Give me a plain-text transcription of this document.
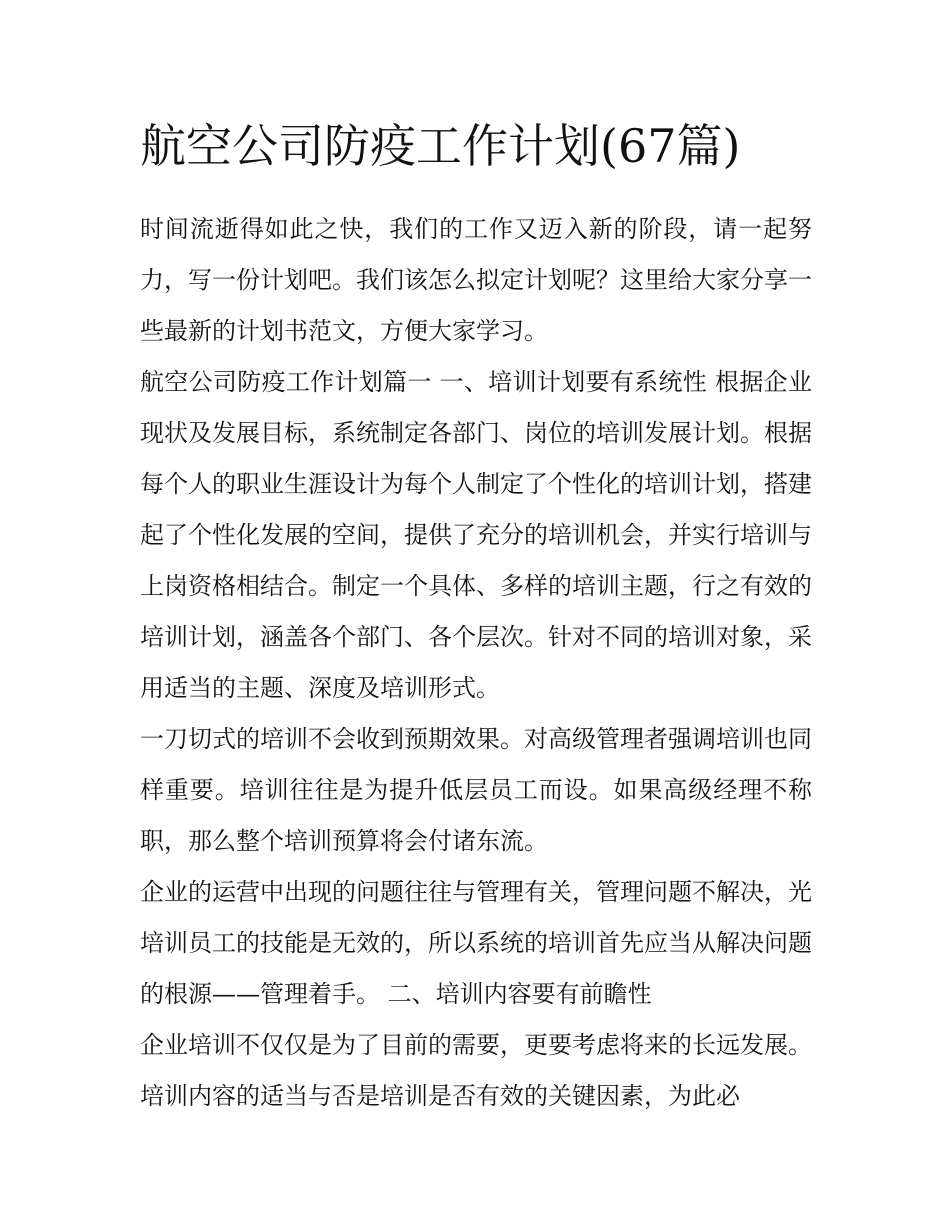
航空公司防疫工作计划(67篇)

时间流逝得如此之快，我们的工作又迈入新的阶段，请一起努力，写一份计划吧。我们该怎么拟定计划呢？这里给大家分享一些最新的计划书范文，方便大家学习。

航空公司防疫工作计划篇一 一、培训计划要有系统性 根据企业现状及发展目标，系统制定各部门、岗位的培训发展计划。根据每个人的职业生涯设计为每个人制定了个性化的培训计划，搭建起了个性化发展的空间，提供了充分的培训机会，并实行培训与上岗资格相结合。制定一个具体、多样的培训主题，行之有效的培训计划，涵盖各个部门、各个层次。针对不同的培训对象，采用适当的主题、深度及培训形式。

一刀切式的培训不会收到预期效果。对高级管理者强调培训也同样重要。培训往往是为提升低层员工而设。如果高级经理不称职，那么整个培训预算将会付诸东流。

企业的运营中出现的问题往往与管理有关，管理问题不解决，光培训员工的技能是无效的，所以系统的培训首先应当从解决问题的根源——管理着手。 二、培训内容要有前瞻性

企业培训不仅仅是为了目前的需要，更要考虑将来的长远发展。培训内容的适当与否是培训是否有效的关键因素，为此必
